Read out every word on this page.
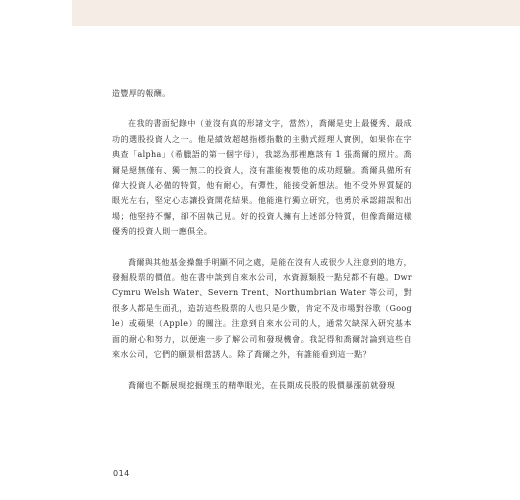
造豐厚的報酬。

在我的書面紀錄中（並沒有真的形諸文字，當然），喬爾是史上最優秀、最成功的選股投資人之一。他是績效超越指標指數的主動式經理人實例，如果你在字典查「alpha」（希臘語的第一個字母），我認為那裡應該有 1 張喬爾的照片。喬爾是絕無僅有、獨一無二的投資人，沒有誰能複製他的成功經驗。喬爾具備所有偉大投資人必備的特質，他有耐心，有彈性，能接受新想法。他不受外界質疑的眼光左右，堅定心志讓投資開花結果。他能進行獨立研究，也勇於承認錯誤和出場；他堅持不懈，卻不固執己見。好的投資人擁有上述部分特質，但像喬爾這樣優秀的投資人則一應俱全。

喬爾與其他基金操盤手明顯不同之處，是能在沒有人或很少人注意到的地方，發掘股票的價值。他在書中談到自來水公司，水資源類股一點兒都不有趣。Dwr Cymru Welsh Water、Severn Trent、Northumbrian Water 等公司，對很多人都是生面孔，造訪這些股票的人也只是少數，肯定不及市場對谷歌（Google）或蘋果（Apple）的關注。注意到自來水公司的人，通常欠缺深入研究基本面的耐心和努力，以便進一步了解公司和發現機會。我記得和喬爾討論到這些自來水公司，它們的願景相當誘人。除了喬爾之外，有誰能看到這一點？

喬爾也不斷展現挖掘璞玉的精準眼光，在長期成長股的股價暴漲前就發現

014
